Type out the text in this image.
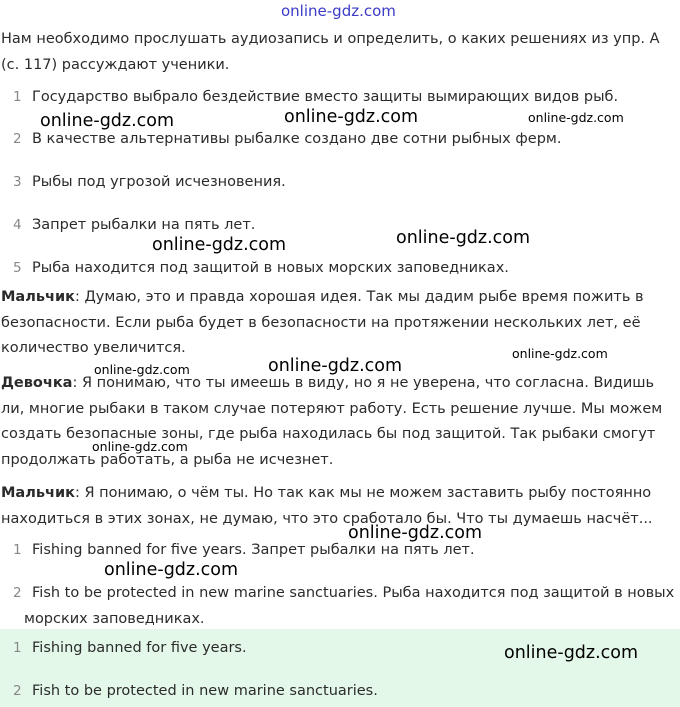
online-gdz.com

Нам необходимо прослушать аудиозапись и определить, о каких решениях из упр. А (с. 117) рассуждают ученики.

1 Государство выбрало бездействие вместо защиты вымирающих видов рыб.
2 В качестве альтернативы рыбалке создано две сотни рыбных ферм.
3 Рыбы под угрозой исчезновения.
4 Запрет рыбалки на пять лет.
5 Рыба находится под защитой в новых морских заповедниках.

Мальчик: Думаю, это и правда хорошая идея. Так мы дадим рыбе время пожить в безопасности. Если рыба будет в безопасности на протяжении нескольких лет, её количество увеличится.

Девочка: Я понимаю, что ты имеешь в виду, но я не уверена, что согласна. Видишь ли, многие рыбаки в таком случае потеряют работу. Есть решение лучше. Мы можем создать безопасные зоны, где рыба находилась бы под защитой. Так рыбаки смогут продолжать работать, а рыба не исчезнет.

Мальчик: Я понимаю, о чём ты. Но так как мы не можем заставить рыбу постоянно находиться в этих зонах, не думаю, что это сработало бы. Что ты думаешь насчёт...

1 Fishing banned for five years. Запрет рыбалки на пять лет.
2 Fish to be protected in new marine sanctuaries. Рыба находится под защитой в новых морских заповедниках.
1 Fishing banned for five years.
2 Fish to be protected in new marine sanctuaries.
online-gdz.com	online-gdz.com	online-gdz.com
online-gdz.com	online-gdz.com
online-gdz.com
online-gdz.com
online-gdz.com
online-gdz.com
online-gdz.com
online-gdz.com
online-gdz.com
